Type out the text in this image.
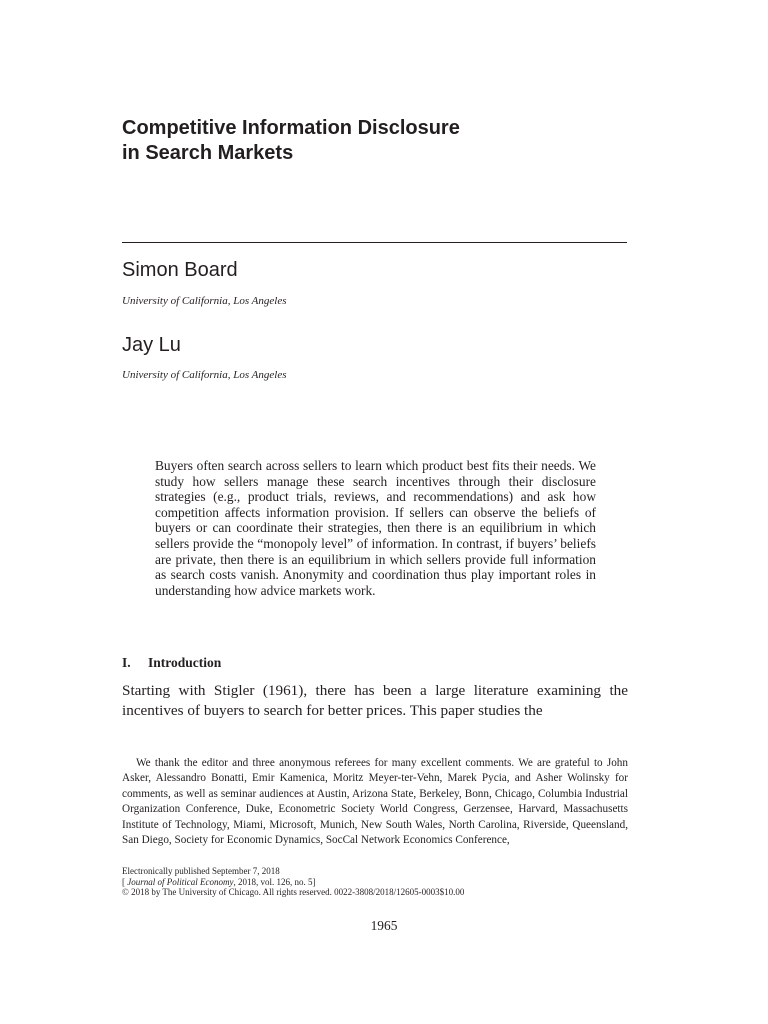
Competitive Information Disclosure
in Search Markets
Simon Board
University of California, Los Angeles
Jay Lu
University of California, Los Angeles

Buyers often search across sellers to learn which product best fits their needs. We study how sellers manage these search incentives through their disclosure strategies (e.g., product trials, reviews, and recommendations) and ask how competition affects information provision. If sellers can observe the beliefs of buyers or can coordinate their strategies, then there is an equilibrium in which sellers provide the “monopoly level” of information. In contrast, if buyers’ beliefs are private, then there is an equilibrium in which sellers provide full information as search costs vanish. Anonymity and coordination thus play important roles in understanding how advice markets work.

I. Introduction

Starting with Stigler (1961), there has been a large literature examining the incentives of buyers to search for better prices. This paper studies the

We thank the editor and three anonymous referees for many excellent comments. We are grateful to John Asker, Alessandro Bonatti, Emir Kamenica, Moritz Meyer-ter-Vehn, Marek Pycia, and Asher Wolinsky for comments, as well as seminar audiences at Austin, Arizona State, Berkeley, Bonn, Chicago, Columbia Industrial Organization Conference, Duke, Econometric Society World Congress, Gerzensee, Harvard, Massachusetts Institute of Technology, Miami, Microsoft, Munich, New South Wales, North Carolina, Riverside, Queensland, San Diego, Society for Economic Dynamics, SocCal Network Economics Conference,

Electronically published September 7, 2018
[ Journal of Political Economy, 2018, vol. 126, no. 5]
© 2018 by The University of Chicago. All rights reserved. 0022-3808/2018/12605-0003$10.00
1965
